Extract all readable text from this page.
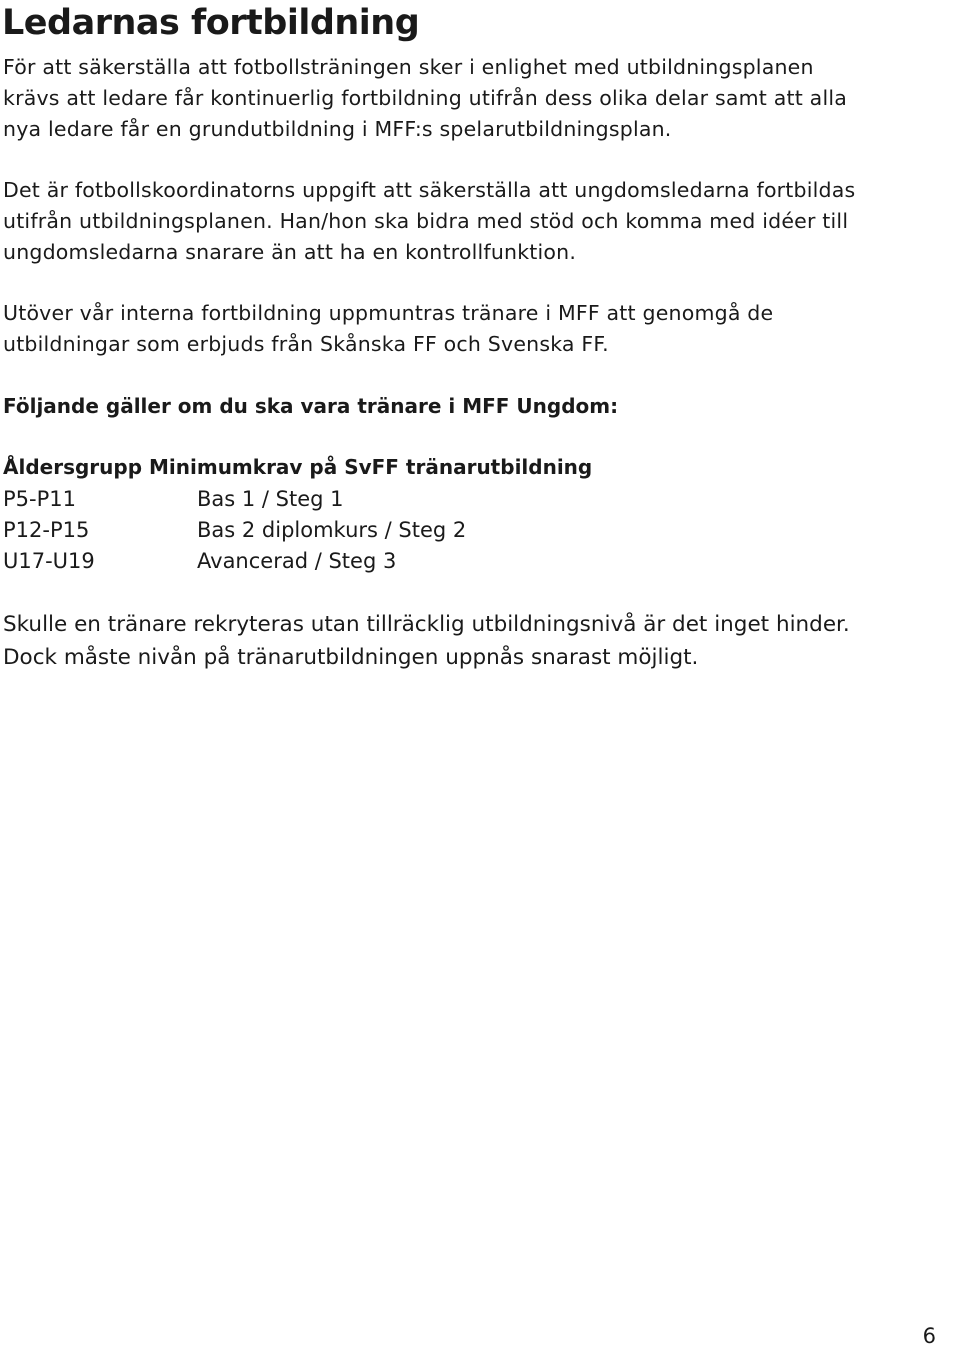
Ledarnas fortbildning

För att säkerställa att fotbollsträningen sker i enlighet med utbildningsplanen
krävs att ledare får kontinuerlig fortbildning utifrån dess olika delar samt att alla
nya ledare får en grundutbildning i MFF:s spelarutbildningsplan.

Det är fotbollskoordinatorns uppgift att säkerställa att ungdomsledarna fortbildas
utifrån utbildningsplanen. Han/hon ska bidra med stöd och komma med idéer till
ungdomsledarna snarare än att ha en kontrollfunktion.

Utöver vår interna fortbildning uppmuntras tränare i MFF att genomgå de
utbildningar som erbjuds från Skånska FF och Svenska FF.

Följande gäller om du ska vara tränare i MFF Ungdom:

Åldersgrupp Minimumkrav på SvFF tränarutbildning

P5-P11	Bas 1 / Steg 1
P12-P15	Bas 2 diplomkurs / Steg 2
U17-U19	Avancerad / Steg 3

Skulle en tränare rekryteras utan tillräcklig utbildningsnivå är det inget hinder.
Dock måste nivån på tränarutbildningen uppnås snarast möjligt.

6
